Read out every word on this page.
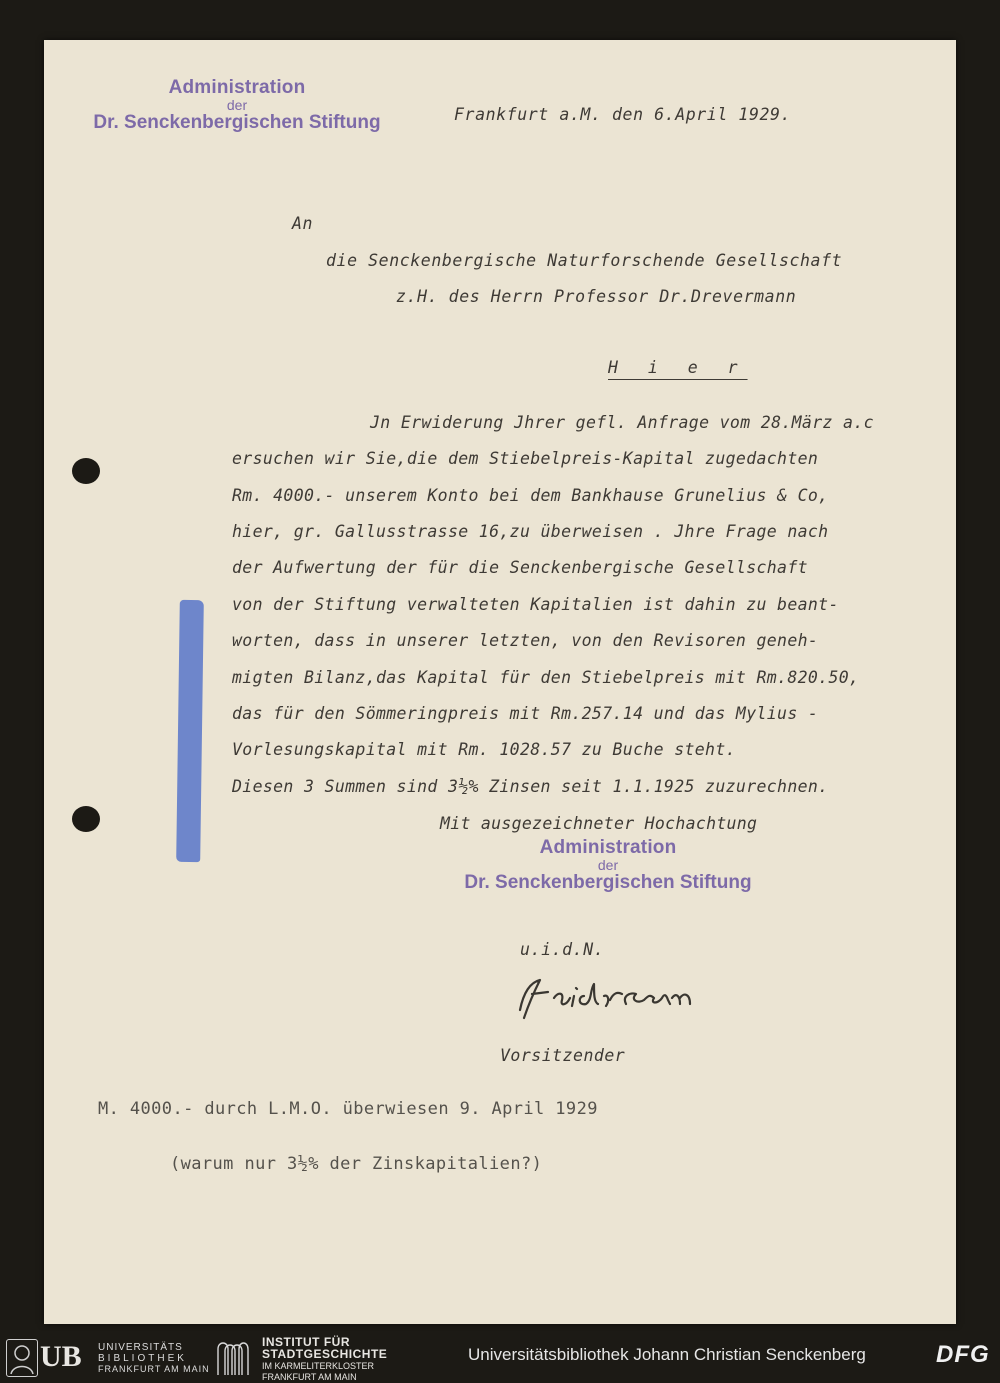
Administration
der
Dr. Senckenbergischen Stiftung	Frankfurt a.M. den 6.April 1929.
An
die Senckenbergische Naturforschende Gesellschaft
z.H. des Herrn Professor Dr.Drevermann
H i e r
Jn Erwiderung Jhrer gefl. Anfrage vom 28.März a.c
ersuchen wir Sie,die dem Stiebelpreis-Kapital zugedachten
Rm. 4000.- unserem Konto bei dem Bankhause Grunelius & Co,
hier, gr. Gallusstrasse 16,zu überweisen . Jhre Frage nach
der Aufwertung der für die Senckenbergische Gesellschaft
von der Stiftung verwalteten Kapitalien ist dahin zu beant-
worten, dass in unserer letzten, von den Revisoren geneh-
migten Bilanz,das Kapital für den Stiebelpreis mit Rm.820.50,
das für den Sömmeringpreis mit Rm.257.14 und das Mylius -
Vorlesungskapital mit Rm. 1028.57 zu Buche steht.
Diesen 3 Summen sind 3½% Zinsen seit 1.1.1925 zuzurechnen.
Mit ausgezeichneter Hochachtung
Administration
der
Dr. Senckenbergischen Stiftung
u.i.d.N.
Vorsitzender
M. 4000.- durch L.M.O. überwiesen 9. April 1929
(warum nur 3½% der Zinskapitalien?)
UB UNIVERSITÄTS
BIBLIOTHEK
FRANKFURT AM MAIN
INSTITUT FÜR
STADTGESCHICHTE
IM KARMELITERKLOSTER
FRANKFURT AM MAIN
Universitätsbibliothek Johann Christian Senckenberg	DFG
